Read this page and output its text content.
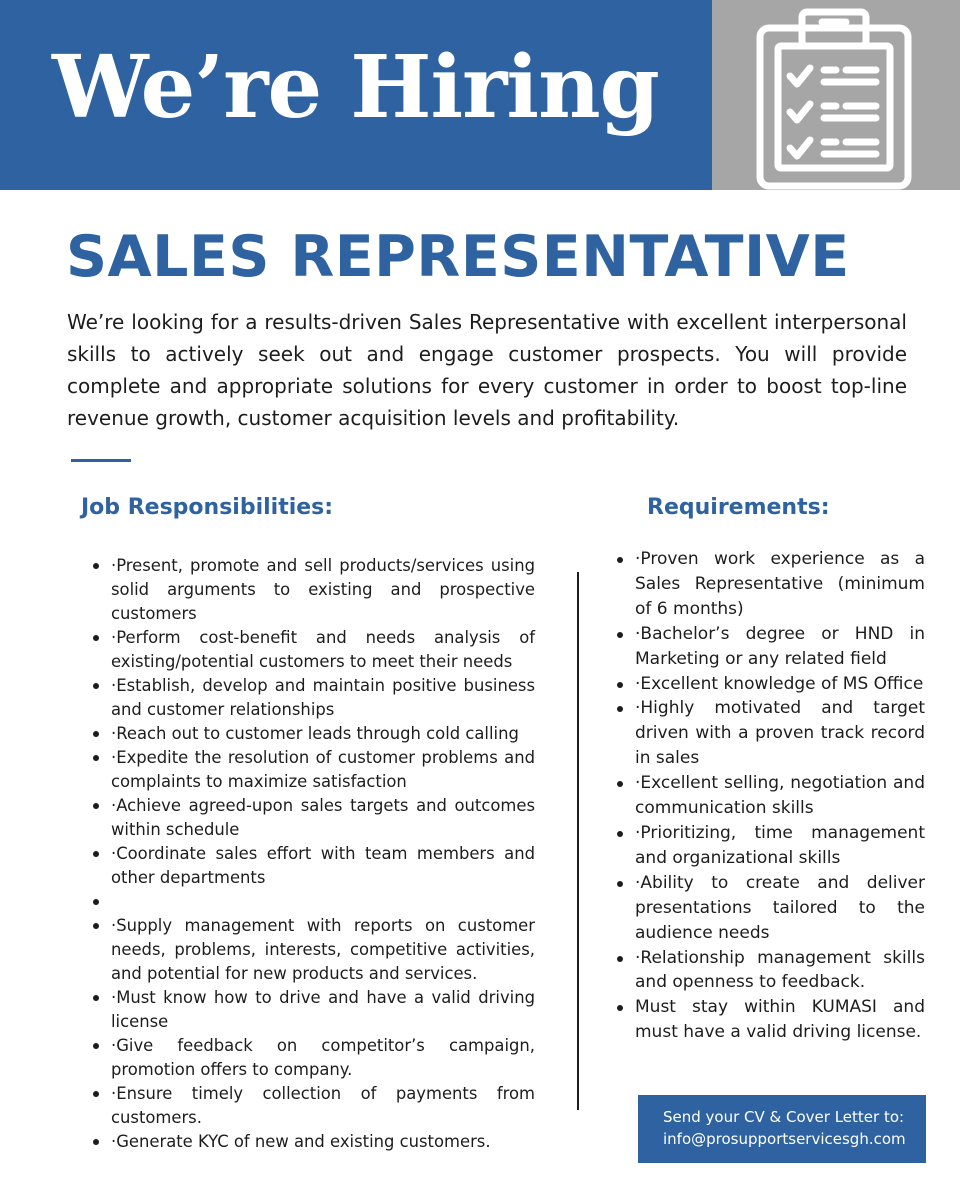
We’re Hiring
SALES REPRESENTATIVE

We’re looking for a results-driven Sales Representative with excellent interpersonal skills to actively seek out and engage customer prospects. You will provide complete and appropriate solutions for every customer in order to boost top-line revenue growth, customer acquisition levels and profitability.

Job Responsibilities:	Requirements:
·Present, promote and sell products/services using solid arguments to existing and prospective customers
·Perform cost-benefit and needs analysis of existing/potential customers to meet their needs
·Establish, develop and maintain positive business and customer relationships
·Reach out to customer leads through cold calling
·Expedite the resolution of customer problems and complaints to maximize satisfaction
·Achieve agreed-upon sales targets and outcomes within schedule
·Coordinate sales effort with team members and other departments
·Supply management with reports on customer needs, problems, interests, competitive activities, and potential for new products and services.
·Must know how to drive and have a valid driving license
·Give feedback on competitor’s campaign, promotion offers to company.
·Ensure timely collection of payments from customers.
·Generate KYC of new and existing customers.
·Proven work experience as a Sales Representative (minimum of 6 months)
·Bachelor’s degree or HND in Marketing or any related field
·Excellent knowledge of MS Office
·Highly motivated and target driven with a proven track record in sales
·Excellent selling, negotiation and communication skills
·Prioritizing, time management and organizational skills
·Ability to create and deliver presentations tailored to the audience needs
·Relationship management skills and openness to feedback.
Must stay within KUMASI and must have a valid driving license.
Send your CV & Cover Letter to:
info@prosupportservicesgh.com
